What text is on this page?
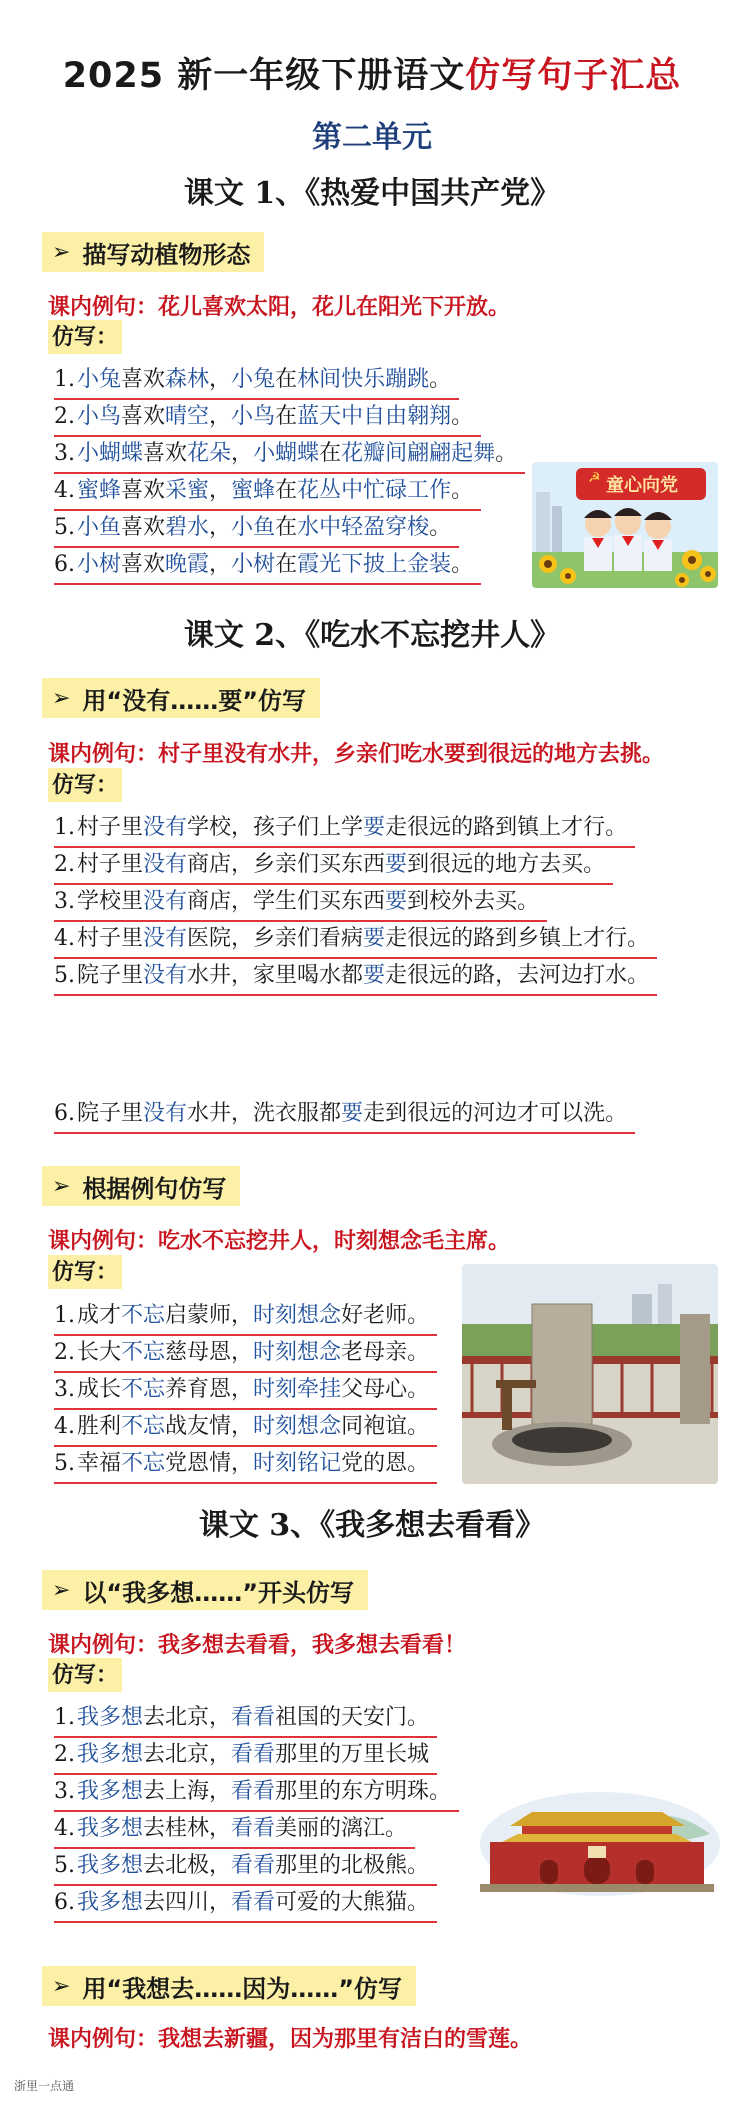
2025 新一年级下册语文仿写句子汇总
第二单元
课文 1、《热爱中国共产党》
➢ 描写动植物形态
课内例句：花儿喜欢太阳，花儿在阳光下开放。
仿写：
1.小兔喜欢森林，小兔在林间快乐蹦跳。
2.小鸟喜欢晴空，小鸟在蓝天中自由翱翔。
3.小蝴蝶喜欢花朵，小蝴蝶在花瓣间翩翩起舞。
4.蜜蜂喜欢采蜜，蜜蜂在花丛中忙碌工作。
5.小鱼喜欢碧水，小鱼在水中轻盈穿梭。
6.小树喜欢晚霞，小树在霞光下披上金装。
☭ 童心向党
课文 2、《吃水不忘挖井人》
➢ 用“没有……要”仿写
课内例句：村子里没有水井，乡亲们吃水要到很远的地方去挑。
仿写：
1.村子里没有学校，孩子们上学要走很远的路到镇上才行。
2.村子里没有商店，乡亲们买东西要到很远的地方去买。
3.学校里没有商店，学生们买东西要到校外去买。
4.村子里没有医院，乡亲们看病要走很远的路到乡镇上才行。
5.院子里没有水井，家里喝水都要走很远的路，去河边打水。
6.院子里没有水井，洗衣服都要走到很远的河边才可以洗。
➢ 根据例句仿写
课内例句：吃水不忘挖井人，时刻想念毛主席。
仿写：
1.成才不忘启蒙师，时刻想念好老师。
2.长大不忘慈母恩，时刻想念老母亲。
3.成长不忘养育恩，时刻牵挂父母心。
4.胜利不忘战友情，时刻想念同袍谊。
5.幸福不忘党恩情，时刻铭记党的恩。
课文 3、《我多想去看看》
➢ 以“我多想……”开头仿写
课内例句：我多想去看看，我多想去看看！
仿写：
1.我多想去北京，看看祖国的天安门。
2.我多想去北京，看看那里的万里长城
3.我多想去上海，看看那里的东方明珠。
4.我多想去桂林，看看美丽的漓江。
5.我多想去北极，看看那里的北极熊。
6.我多想去四川，看看可爱的大熊猫。
➢ 用“我想去……因为……”仿写
课内例句：我想去新疆，因为那里有洁白的雪莲。
浙里一点通
